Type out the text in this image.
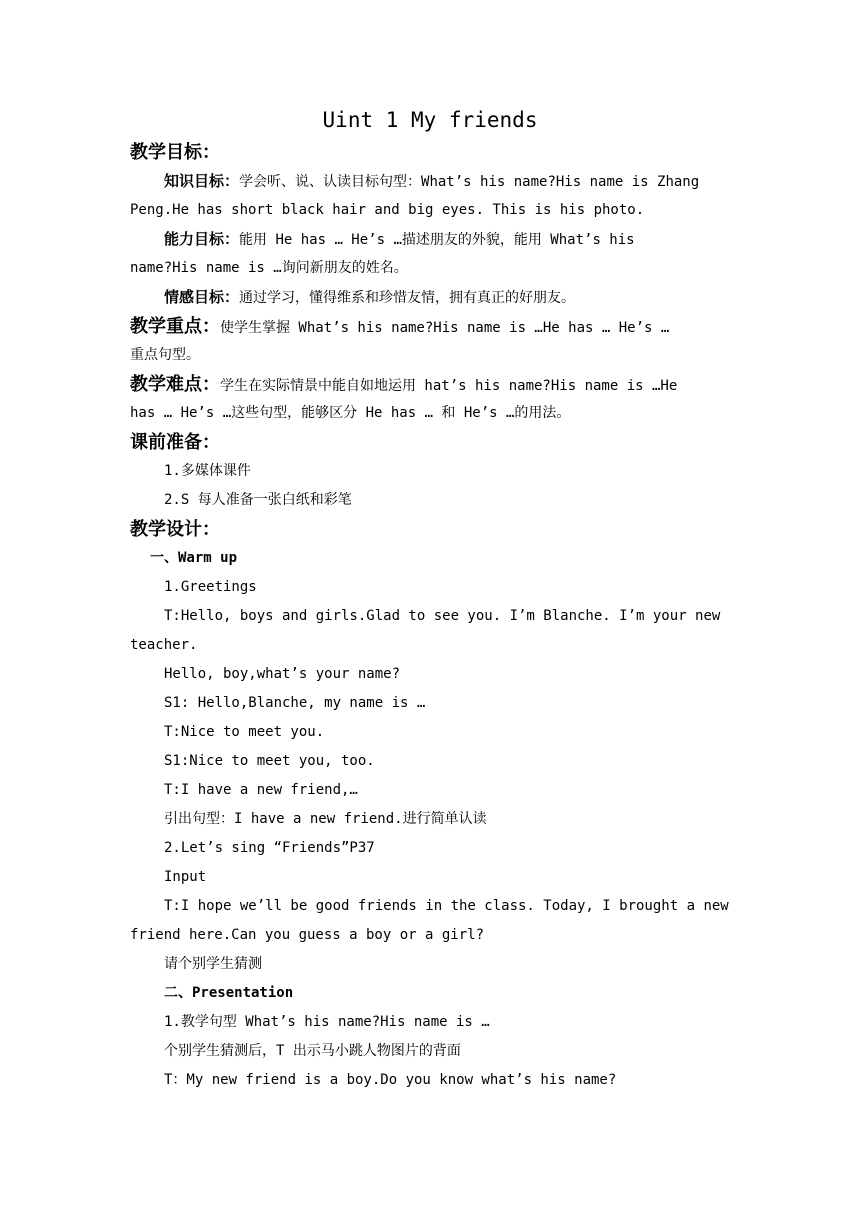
Uint 1 My friends
教学目标：
知识目标：学会听、说、认读目标句型：What’s his name?His name is Zhang
Peng.He has short black hair and big eyes. This is his photo.
能力目标：能用 He has … He’s …描述朋友的外貌，能用 What’s his
name?His name is …询问新朋友的姓名。
情感目标：通过学习，懂得维系和珍惜友情，拥有真正的好朋友。
教学重点：使学生掌握 What’s his name?His name is …He has … He’s …
重点句型。
教学难点：学生在实际情景中能自如地运用 hat’s his name?His name is …He
has … He’s …这些句型，能够区分 He has … 和 He’s …的用法。
课前准备：
1.多媒体课件
2.S 每人准备一张白纸和彩笔
教学设计：
一、Warm up
1.Greetings
T:Hello, boys and girls.Glad to see you. I’m Blanche. I’m your new
teacher.
Hello, boy,what’s your name?
S1: Hello,Blanche, my name is …
T:Nice to meet you.
S1:Nice to meet you, too.
T:I have a new friend,…
引出句型：I have a new friend.进行简单认读
2.Let’s sing “Friends”P37
Input
T:I hope we’ll be good friends in the class. Today, I brought a new
friend here.Can you guess a boy or a girl?
请个别学生猜测
二、Presentation
1.教学句型 What’s his name?His name is …
个别学生猜测后，T 出示马小跳人物图片的背面
T：My new friend is a boy.Do you know what’s his name?
